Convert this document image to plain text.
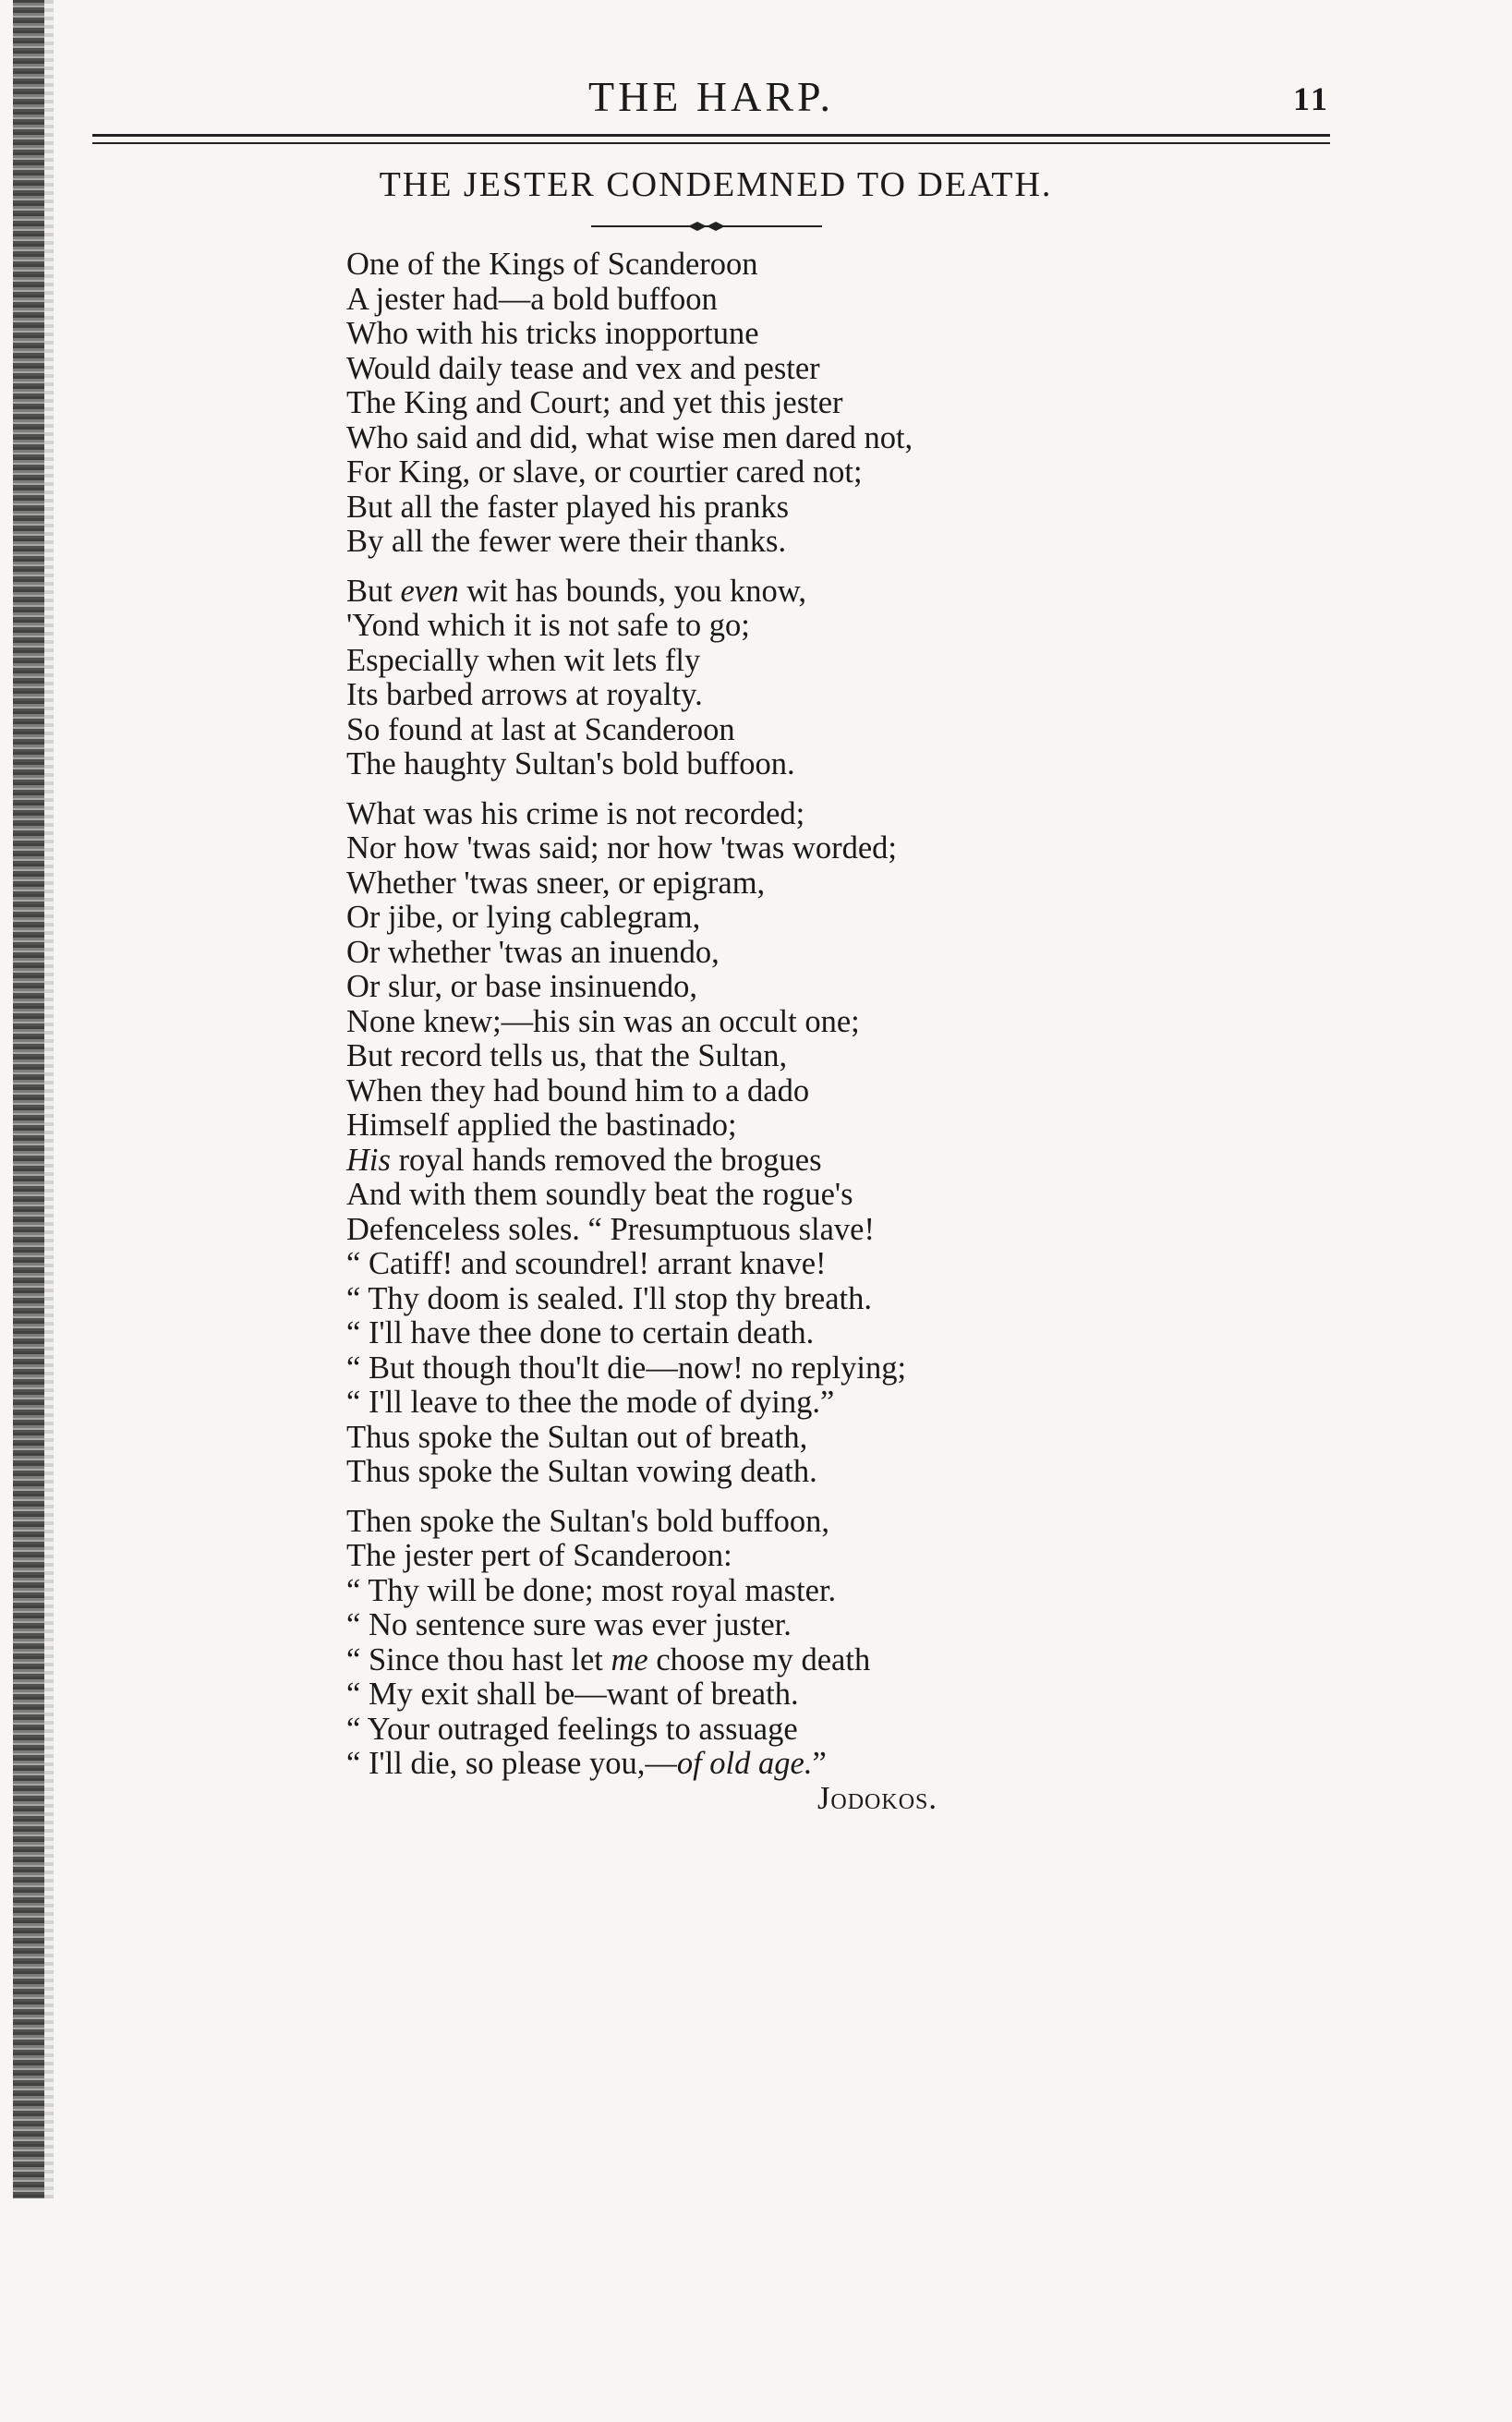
THE HARP.	11
THE JESTER CONDEMNED TO DEATH.
One of the Kings of Scanderoon
A jester had—a bold buffoon
Who with his tricks inopportune
Would daily tease and vex and pester
The King and Court; and yet this jester
Who said and did, what wise men dared not,
For King, or slave, or courtier cared not;
But all the faster played his pranks
By all the fewer were their thanks.
But even wit has bounds, you know,
'Yond which it is not safe to go;
Especially when wit lets fly
Its barbed arrows at royalty.
So found at last at Scanderoon
The haughty Sultan's bold buffoon.
What was his crime is not recorded;
Nor how 'twas said; nor how 'twas worded;
Whether 'twas sneer, or epigram,
Or jibe, or lying cablegram,
Or whether 'twas an inuendo,
Or slur, or base insinuendo,
None knew;—his sin was an occult one;
But record tells us, that the Sultan,
When they had bound him to a dado
Himself applied the bastinado;
His royal hands removed the brogues
And with them soundly beat the rogue's
Defenceless soles. “ Presumptuous slave!
“ Catiff! and scoundrel! arrant knave!
“ Thy doom is sealed. I'll stop thy breath.
“ I'll have thee done to certain death.
“ But though thou'lt die—now! no replying;
“ I'll leave to thee the mode of dying.”
Thus spoke the Sultan out of breath,
Thus spoke the Sultan vowing death.
Then spoke the Sultan's bold buffoon,
The jester pert of Scanderoon:
“ Thy will be done; most royal master.
“ No sentence sure was ever juster.
“ Since thou hast let me choose my death
“ My exit shall be—want of breath.
“ Your outraged feelings to assuage
“ I'll die, so please you,—of old age.”
Jodokos.
